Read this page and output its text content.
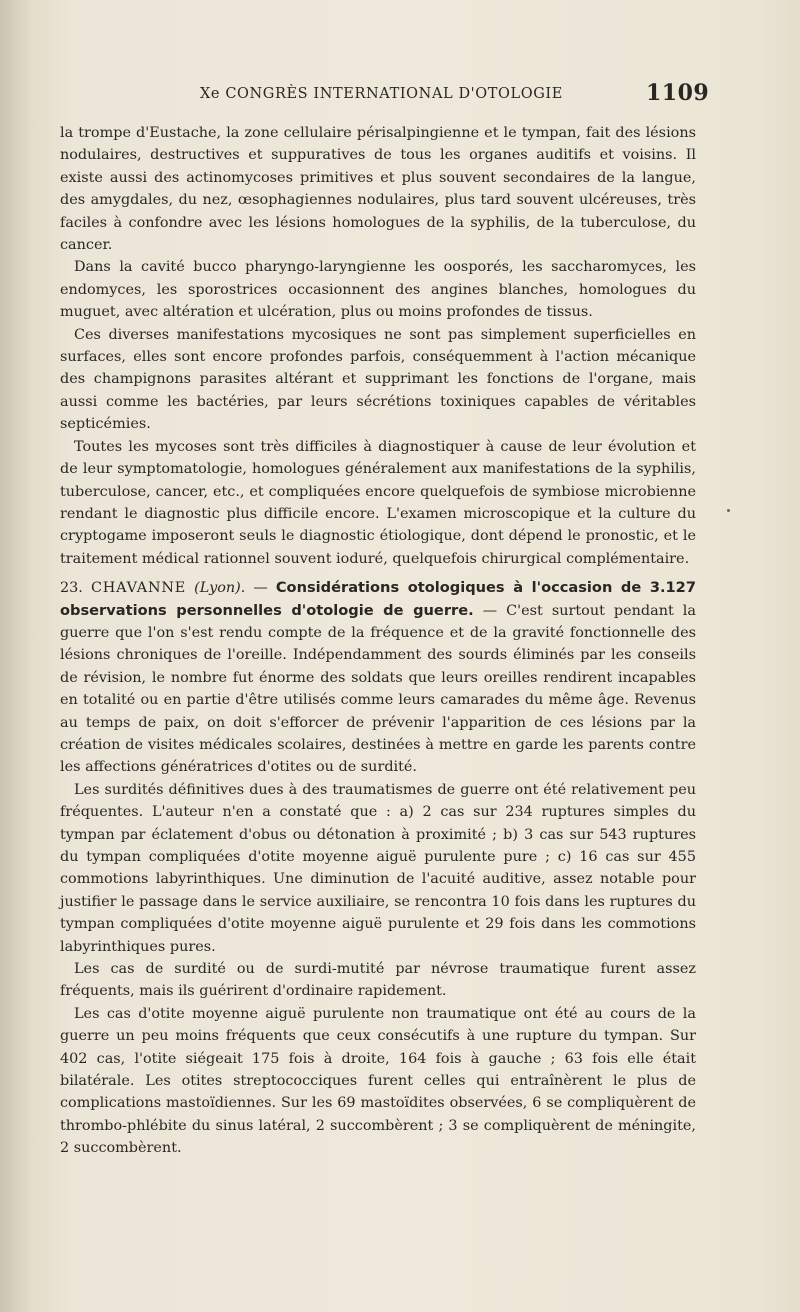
Xe CONGRÈS INTERNATIONAL D'OTOLOGIE	1109

la trompe d'Eustache, la zone cellulaire périsalpingienne et le tympan, fait des lésions nodulaires, destructives et suppuratives de tous les organes auditifs et voisins. Il existe aussi des actinomycoses primitives et plus souvent secondaires de la langue, des amygdales, du nez, œsophagiennes nodulaires, plus tard souvent ulcéreuses, très faciles à confondre avec les lésions homologues de la syphilis, de la tuberculose, du cancer.

Dans la cavité bucco pharyngo-laryngienne les oosporés, les saccharomyces, les endomyces, les sporostrices occasionnent des angines blanches, homologues du muguet, avec altération et ulcération, plus ou moins profondes de tissus.

Ces diverses manifestations mycosiques ne sont pas simplement superficielles en surfaces, elles sont encore profondes parfois, conséquemment à l'action mécanique des champignons parasites altérant et supprimant les fonctions de l'organe, mais aussi comme les bactéries, par leurs sécrétions toxiniques capables de véritables septicémies.

Toutes les mycoses sont très difficiles à diagnostiquer à cause de leur évolution et de leur symptomatologie, homologues généralement aux manifestations de la syphilis, tuberculose, cancer, etc., et compliquées encore quelquefois de symbiose microbienne rendant le diagnostic plus difficile encore. L'examen microscopique et la culture du cryptogame imposeront seuls le diagnostic étiologique, dont dépend le pronostic, et le traitement médical rationnel souvent ioduré, quelquefois chirurgical complémentaire.

23. CHAVANNE (Lyon). — Considérations otologiques à l'occasion de 3.127 observations personnelles d'otologie de guerre. — C'est surtout pendant la guerre que l'on s'est rendu compte de la fréquence et de la gravité fonctionnelle des lésions chroniques de l'oreille. Indépendamment des sourds éliminés par les conseils de révision, le nombre fut énorme des soldats que leurs oreilles rendirent incapables en totalité ou en partie d'être utilisés comme leurs camarades du même âge. Revenus au temps de paix, on doit s'efforcer de prévenir l'apparition de ces lésions par la création de visites médicales scolaires, destinées à mettre en garde les parents contre les affections génératrices d'otites ou de surdité.

Les surdités définitives dues à des traumatismes de guerre ont été relativement peu fréquentes. L'auteur n'en a constaté que : a) 2 cas sur 234 ruptures simples du tympan par éclatement d'obus ou détonation à proximité ; b) 3 cas sur 543 ruptures du tympan compliquées d'otite moyenne aiguë purulente pure ; c) 16 cas sur 455 commotions labyrinthiques. Une diminution de l'acuité auditive, assez notable pour justifier le passage dans le service auxiliaire, se rencontra 10 fois dans les ruptures du tympan compliquées d'otite moyenne aiguë purulente et 29 fois dans les commotions labyrinthiques pures.

Les cas de surdité ou de surdi-mutité par névrose traumatique furent assez fréquents, mais ils guérirent d'ordinaire rapidement.

Les cas d'otite moyenne aiguë purulente non traumatique ont été au cours de la guerre un peu moins fréquents que ceux consécutifs à une rupture du tympan. Sur 402 cas, l'otite siégeait 175 fois à droite, 164 fois à gauche ; 63 fois elle était bilatérale. Les otites streptococciques furent celles qui entraînèrent le plus de complications mastoïdiennes. Sur les 69 mastoïdites observées, 6 se compliquèrent de thrombo-phlébite du sinus latéral, 2 succombèrent ; 3 se compliquèrent de méningite, 2 succombèrent.
